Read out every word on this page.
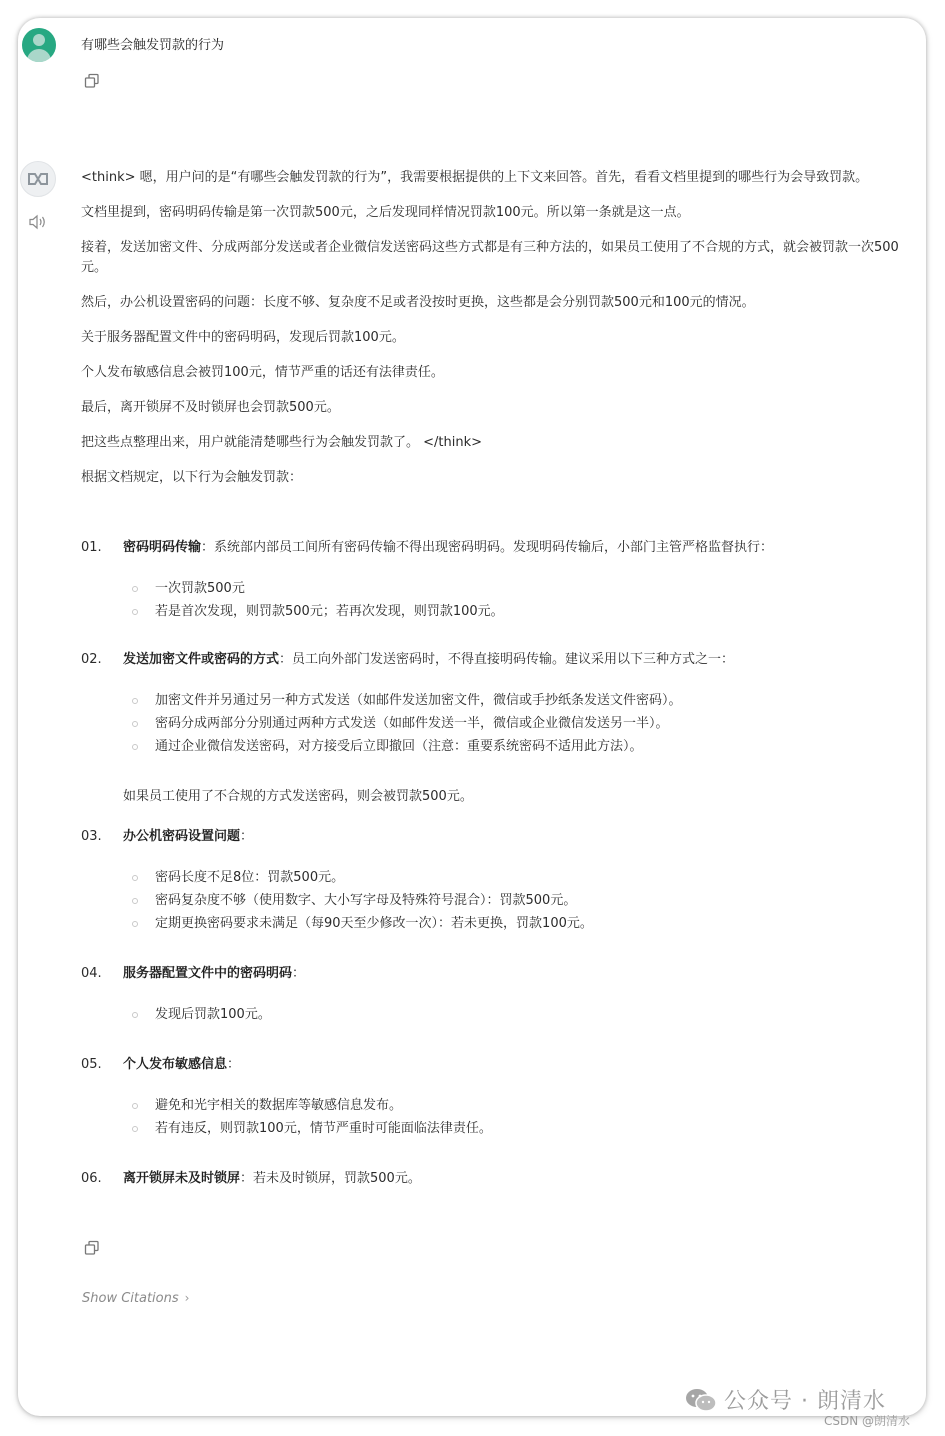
有哪些会触发罚款的行为

<think> 嗯，用户问的是“有哪些会触发罚款的行为”，我需要根据提供的上下文来回答。首先，看看文档里提到的哪些行为会导致罚款。

文档里提到，密码明码传输是第一次罚款500元，之后发现同样情况罚款100元。所以第一条就是这一点。

接着，发送加密文件、分成两部分发送或者企业微信发送密码这些方式都是有三种方法的，如果员工使用了不合规的方式，就会被罚款一次500元。

然后，办公机设置密码的问题：长度不够、复杂度不足或者没按时更换，这些都是会分别罚款500元和100元的情况。

关于服务器配置文件中的密码明码，发现后罚款100元。

个人发布敏感信息会被罚100元，情节严重的话还有法律责任。

最后，离开锁屏不及时锁屏也会罚款500元。

把这些点整理出来，用户就能清楚哪些行为会触发罚款了。 </think>

根据文档规定，以下行为会触发罚款：

01. 密码明码传输：系统部内部员工间所有密码传输不得出现密码明码。发现明码传输后，小部门主管严格监督执行：

一次罚款500元
若是首次发现，则罚款500元；若再次发现，则罚款100元。

02. 发送加密文件或密码的方式：员工向外部门发送密码时，不得直接明码传输。建议采用以下三种方式之一：

加密文件并另通过另一种方式发送（如邮件发送加密文件，微信或手抄纸条发送文件密码）。
密码分成两部分分别通过两种方式发送（如邮件发送一半，微信或企业微信发送另一半）。
通过企业微信发送密码，对方接受后立即撤回（注意：重要系统密码不适用此方法）。

如果员工使用了不合规的方式发送密码，则会被罚款500元。

03. 办公机密码设置问题：

密码长度不足8位：罚款500元。
密码复杂度不够（使用数字、大小写字母及特殊符号混合）：罚款500元。
定期更换密码要求未满足（每90天至少修改一次）：若未更换，罚款100元。

04. 服务器配置文件中的密码明码：

发现后罚款100元。

05. 个人发布敏感信息：

避免和光宇相关的数据库等敏感信息发布。
若有违反，则罚款100元，情节严重时可能面临法律责任。

06. 离开锁屏未及时锁屏：若未及时锁屏，罚款500元。

Show Citations ›
公众号 · 朗清水
CSDN @朗清水
